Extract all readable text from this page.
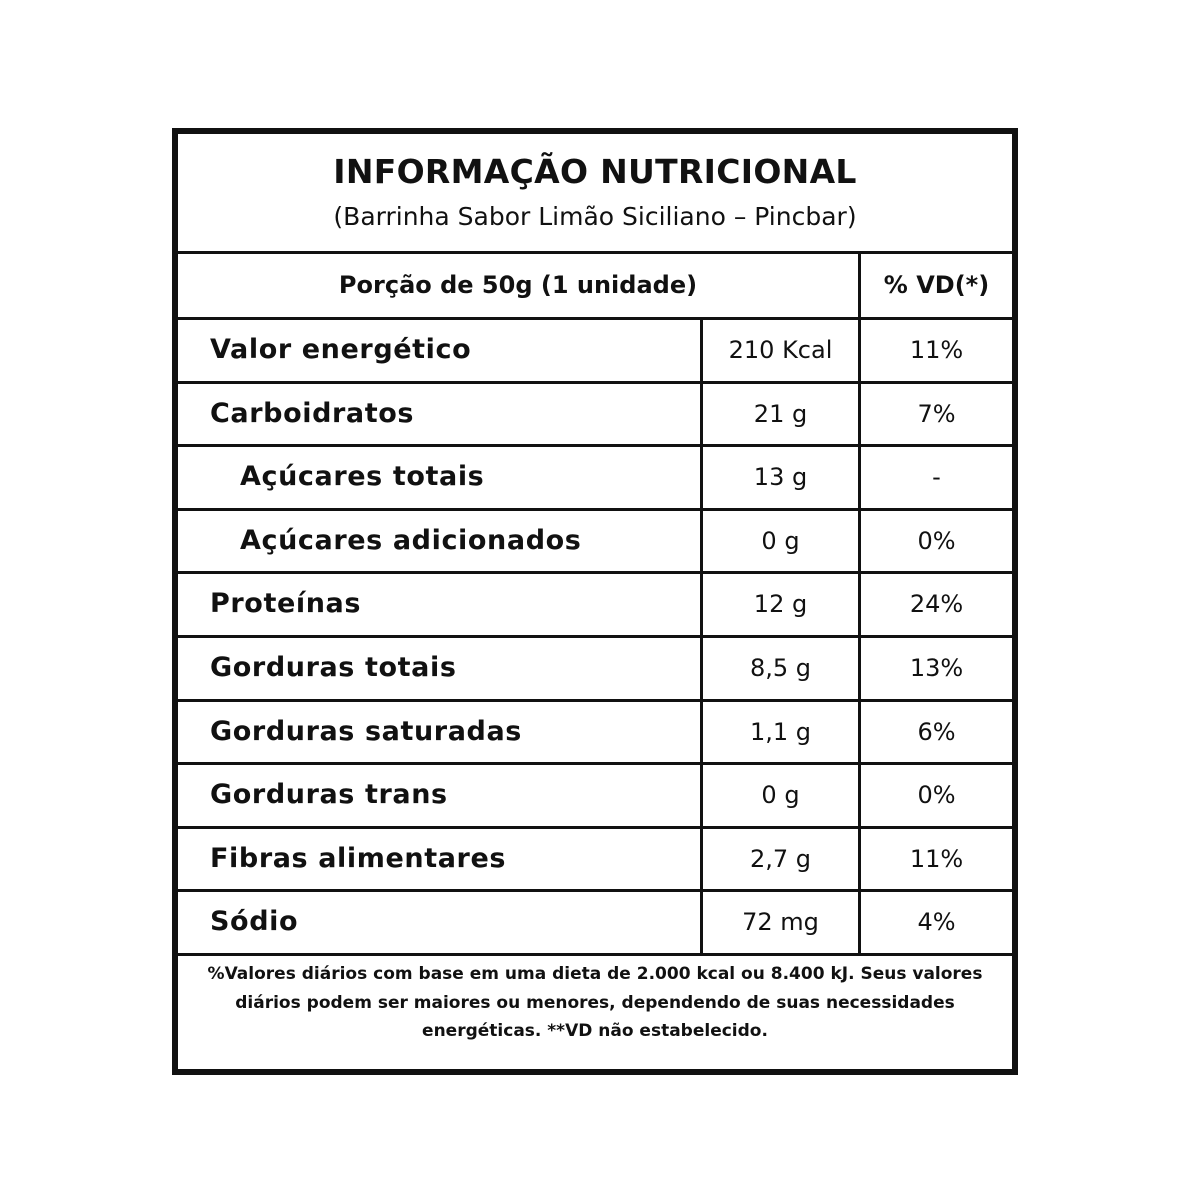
INFORMAÇÃO NUTRICIONAL
(Barrinha Sabor Limão Siciliano – Pincbar)
Porção de 50g (1 unidade)	% VD(*)
Valor energético	210 Kcal	11%
Carboidratos	21 g	7%
Açúcares totais	13 g	-
Açúcares adicionados	0 g	0%
Proteínas	12 g	24%
Gorduras totais	8,5 g	13%
Gorduras saturadas	1,1 g	6%
Gorduras trans	0 g	0%
Fibras alimentares	2,7 g	11%
Sódio	72 mg	4%
%Valores diários com base em uma dieta de 2.000 kcal ou 8.400 kJ. Seus valores diários podem ser maiores ou menores, dependendo de suas necessidades energéticas. **VD não estabelecido.
